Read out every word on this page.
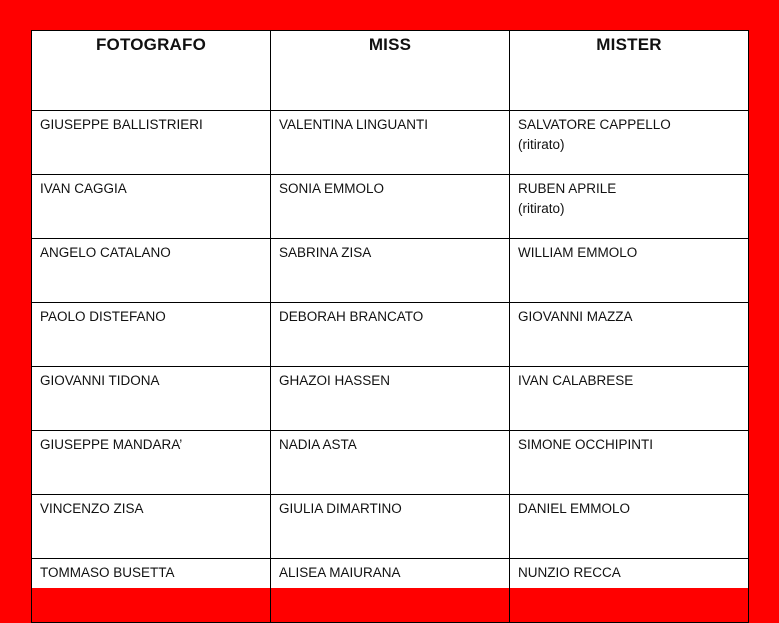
FOTOGRAFO	MISS	MISTER
GIUSEPPE BALLISTRIERI	VALENTINA LINGUANTI	SALVATORE CAPPELLO
(ritirato)

IVAN CAGGIA	SONIA EMMOLO	RUBEN APRILE
(ritirato)

ANGELO CATALANO	SABRINA ZISA	WILLIAM EMMOLO
PAOLO DISTEFANO	DEBORAH BRANCATO	GIOVANNI MAZZA
GIOVANNI TIDONA	GHAZOI HASSEN	IVAN CALABRESE
GIUSEPPE MANDARA’	NADIA ASTA	SIMONE OCCHIPINTI
VINCENZO ZISA	GIULIA DIMARTINO	DANIEL EMMOLO
TOMMASO BUSETTA	ALISEA MAIURANA	NUNZIO RECCA
